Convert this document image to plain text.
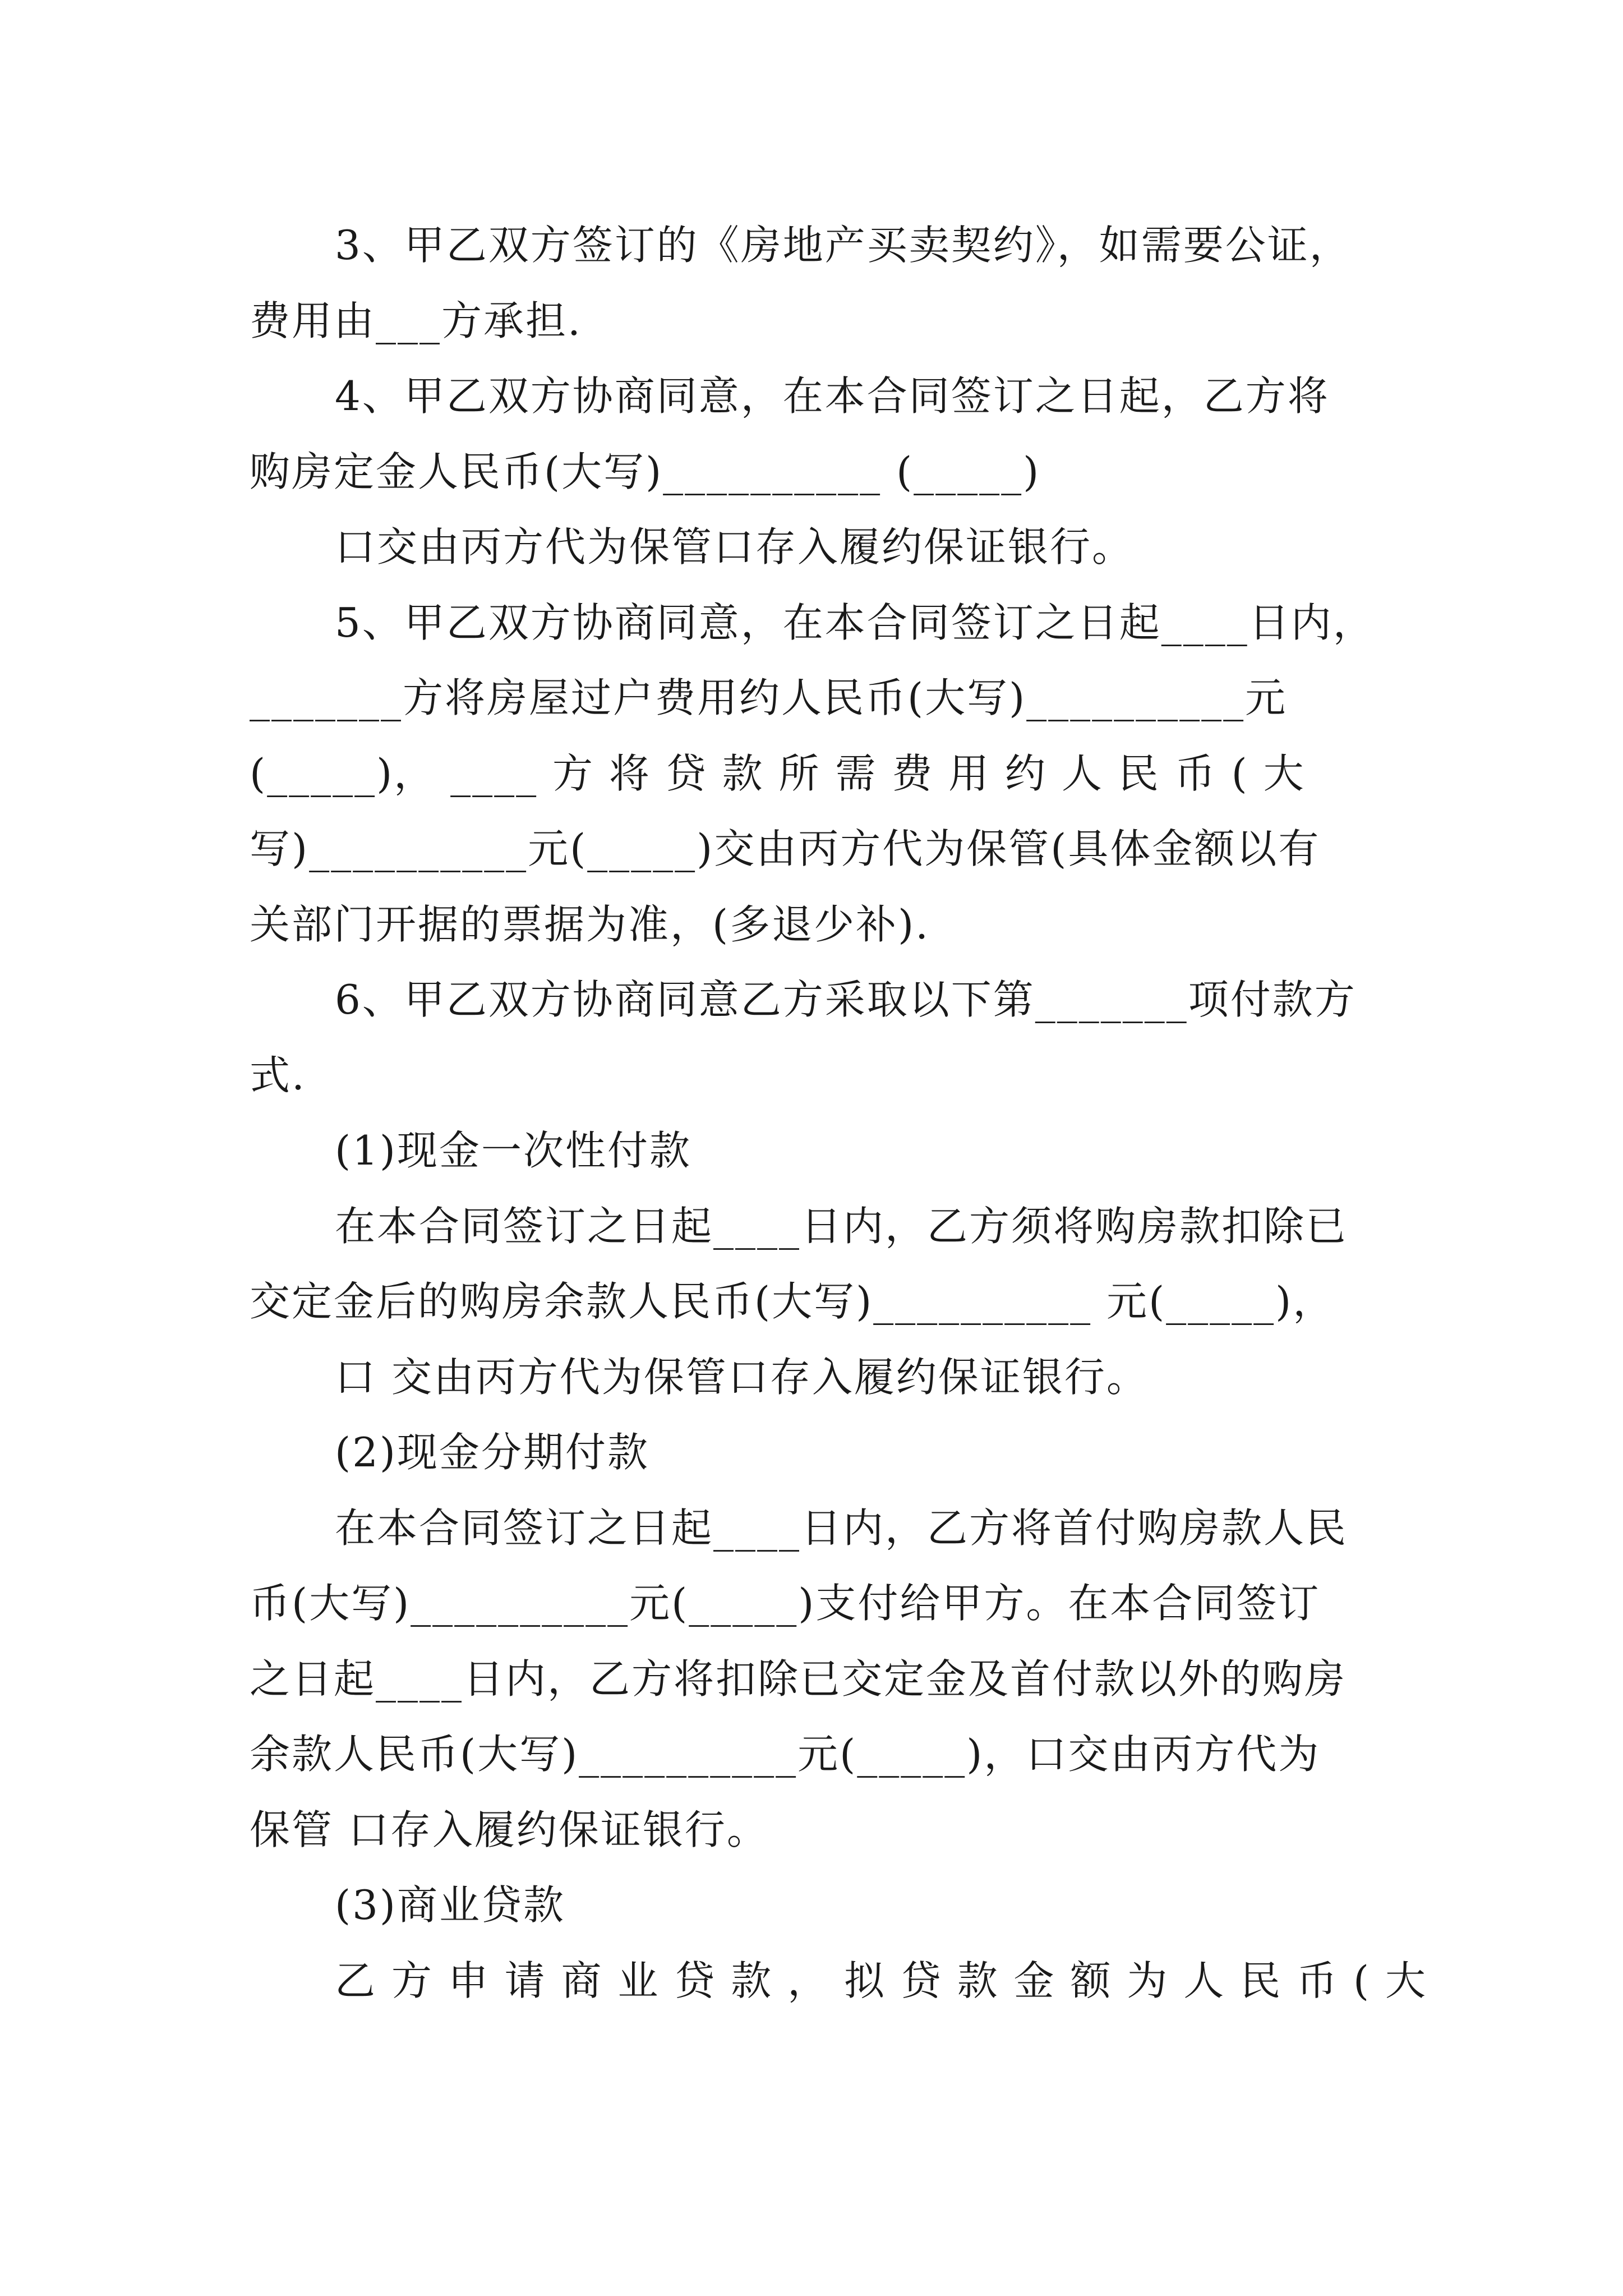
3、甲乙双方签订的《房地产买卖契约》，如需要公证，
费用由___方承担.
4、甲乙双方协商同意，在本合同签订之日起，乙方将
购房定金人民币(大写)__________ (_____)
口交由丙方代为保管口存入履约保证银行。
5、甲乙双方协商同意，在本合同签订之日起____日内，
_______方将房屋过户费用约人民币(大写)__________元
(_____)， ____ 方 将 贷 款 所 需 费 用 约 人 民 币 ( 大
写)__________元(_____)交由丙方代为保管(具体金额以有
关部门开据的票据为准，(多退少补).
6、甲乙双方协商同意乙方采取以下第_______项付款方
式.
(1)现金一次性付款
在本合同签订之日起____日内，乙方须将购房款扣除已
交定金后的购房余款人民币(大写)__________ 元(_____)，
口 交由丙方代为保管口存入履约保证银行。
(2)现金分期付款
在本合同签订之日起____日内，乙方将首付购房款人民
币(大写)__________元(_____)支付给甲方。在本合同签订
之日起____日内，乙方将扣除已交定金及首付款以外的购房
余款人民币(大写)__________元(_____)，口交由丙方代为
保管 口存入履约保证银行。
(3)商业贷款
乙 方 申 请 商 业 贷 款 ， 拟 贷 款 金 额 为 人 民 币 ( 大
